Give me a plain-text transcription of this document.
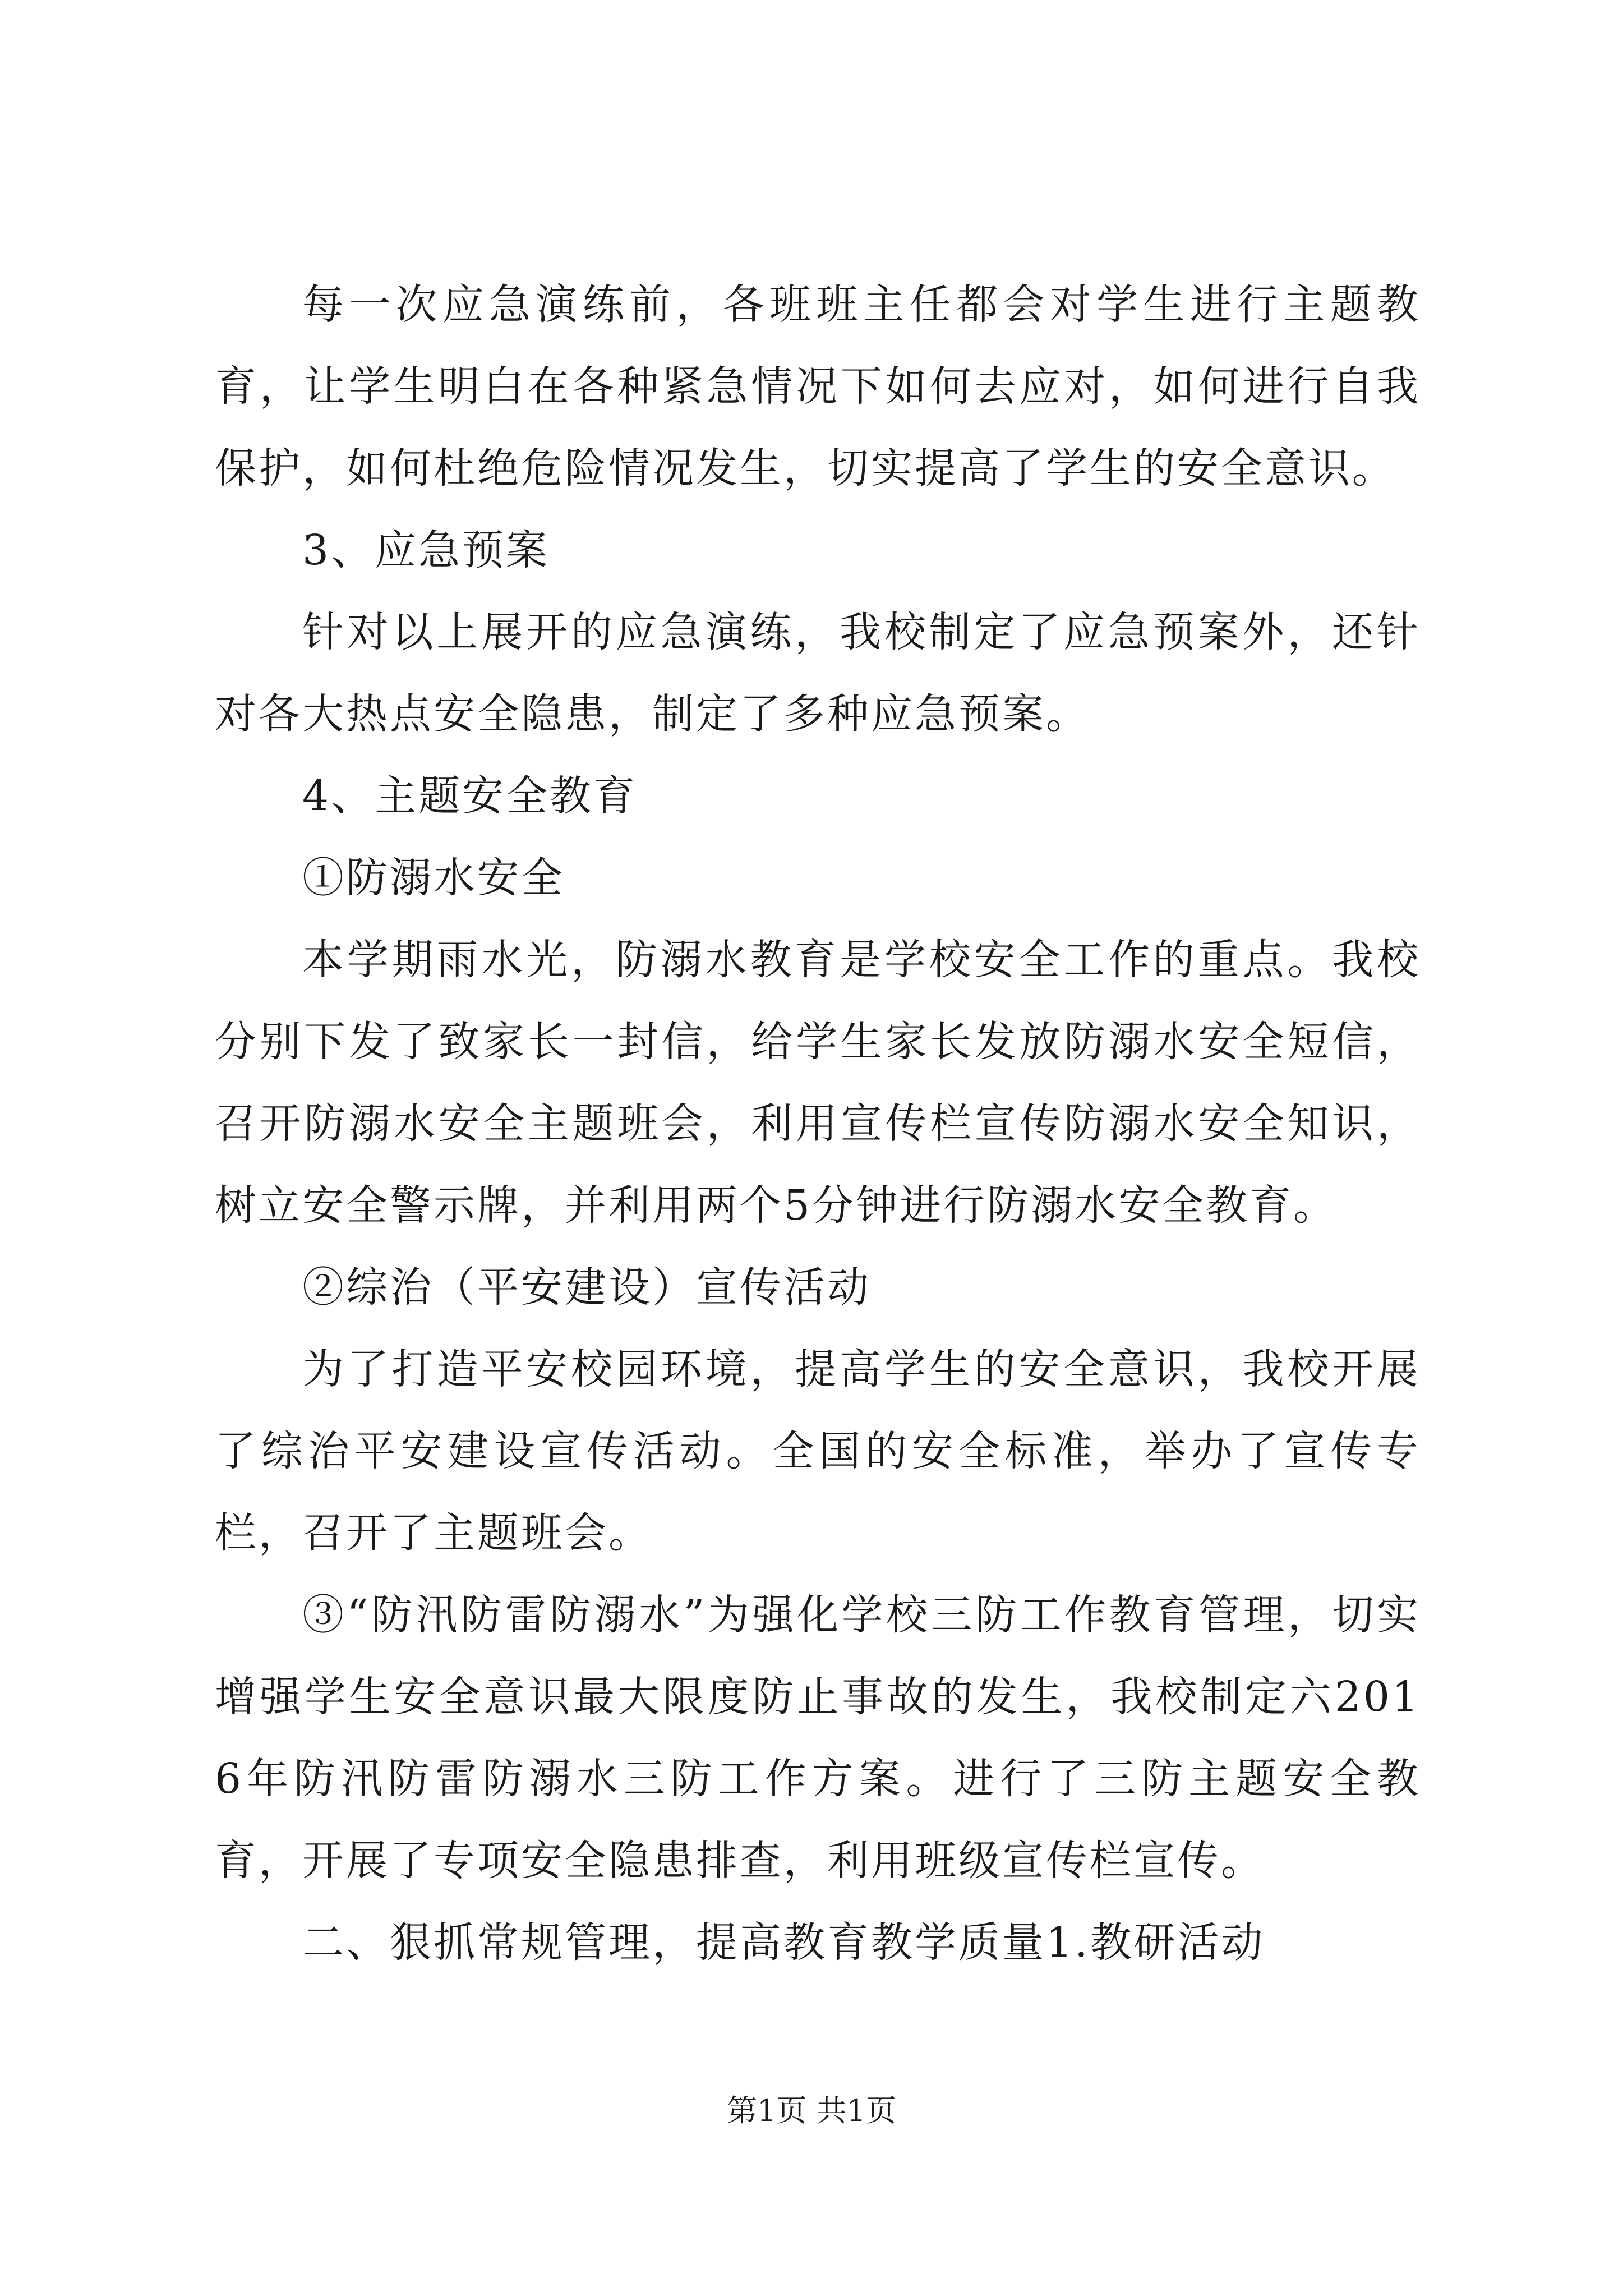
每一次应急演练前，各班班主任都会对学生进行主题教育，让学生明白在各种紧急情况下如何去应对，如何进行自我保护，如何杜绝危险情况发生，切实提高了学生的安全意识。

3、应急预案

针对以上展开的应急演练，我校制定了应急预案外，还针对各大热点安全隐患，制定了多种应急预案。

4、主题安全教育

①防溺水安全

本学期雨水光，防溺水教育是学校安全工作的重点。我校分别下发了致家长一封信，给学生家长发放防溺水安全短信，召开防溺水安全主题班会，利用宣传栏宣传防溺水安全知识，树立安全警示牌，并利用两个5分钟进行防溺水安全教育。

②综治（平安建设）宣传活动

为了打造平安校园环境，提高学生的安全意识，我校开展了综治平安建设宣传活动。全国的安全标准，举办了宣传专栏，召开了主题班会。

③“防汛防雷防溺水”为强化学校三防工作教育管理，切实增强学生安全意识最大限度防止事故的发生，我校制定六2016年防汛防雷防溺水三防工作方案。进行了三防主题安全教育，开展了专项安全隐患排查，利用班级宣传栏宣传。

二、狠抓常规管理，提高教育教学质量1.教研活动

第1页 共1页
